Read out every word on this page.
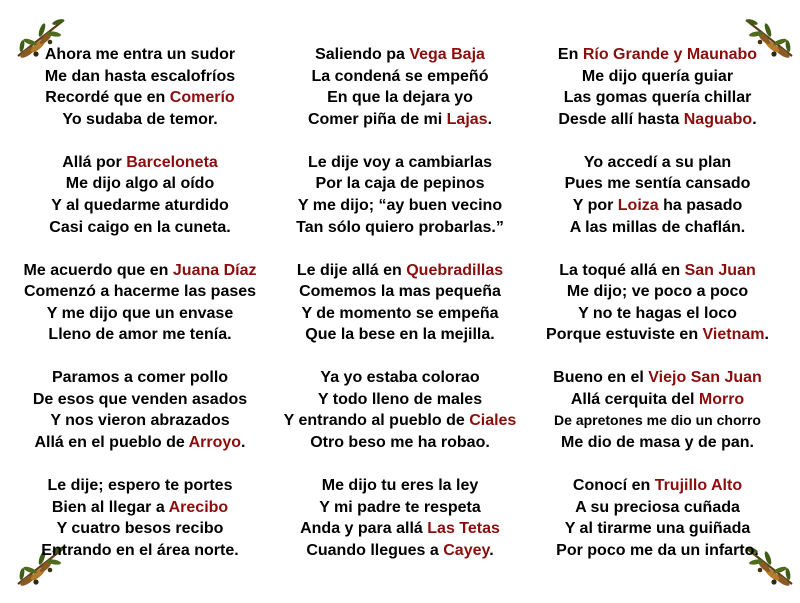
Ahora me entra un sudor
Me dan hasta escalofríos
Recordé que en Comerío
Yo sudaba de temor.
Allá por Barceloneta
Me dijo algo al oído
Y al quedarme aturdido
Casi caigo en la cuneta.
Me acuerdo que en Juana Díaz
Comenzó a hacerme las pases
Y me dijo que un envase
Lleno de amor me tenía.
Paramos a comer pollo
De esos que venden asados
Y nos vieron abrazados
Allá en el pueblo de Arroyo.
Le dije; espero te portes
Bien al llegar a Arecibo
Y cuatro besos recibo
Entrando en el área norte.
Saliendo pa Vega Baja
La condená se empeñó
En que la dejara yo
Comer piña de mi Lajas.
Le dije voy a cambiarlas
Por la caja de pepinos
Y me dijo; “ay buen vecino
Tan sólo quiero probarlas.”
Le dije allá en Quebradillas
Comemos la mas pequeña
Y de momento se empeña
Que la bese en la mejilla.
Ya yo estaba colorao
Y todo lleno de males
Y entrando al pueblo de Ciales
Otro beso me ha robao.
Me dijo tu eres la ley
Y mi padre te respeta
Anda y para allá Las Tetas
Cuando llegues a Cayey.
En Río Grande y Maunabo
Me dijo quería guiar
Las gomas quería chillar
Desde allí hasta Naguabo.
Yo accedí a su plan
Pues me sentía cansado
Y por Loiza ha pasado
A las millas de chaflán.
La toqué allá en San Juan
Me dijo; ve poco a poco
Y no te hagas el loco
Porque estuviste en Vietnam.
Bueno en el Viejo San Juan
Allá cerquita del Morro
De apretones me dio un chorro
Me dio de masa y de pan.
Conocí en Trujillo Alto
A su preciosa cuñada
Y al tirarme una guiñada
Por poco me da un infarto.
